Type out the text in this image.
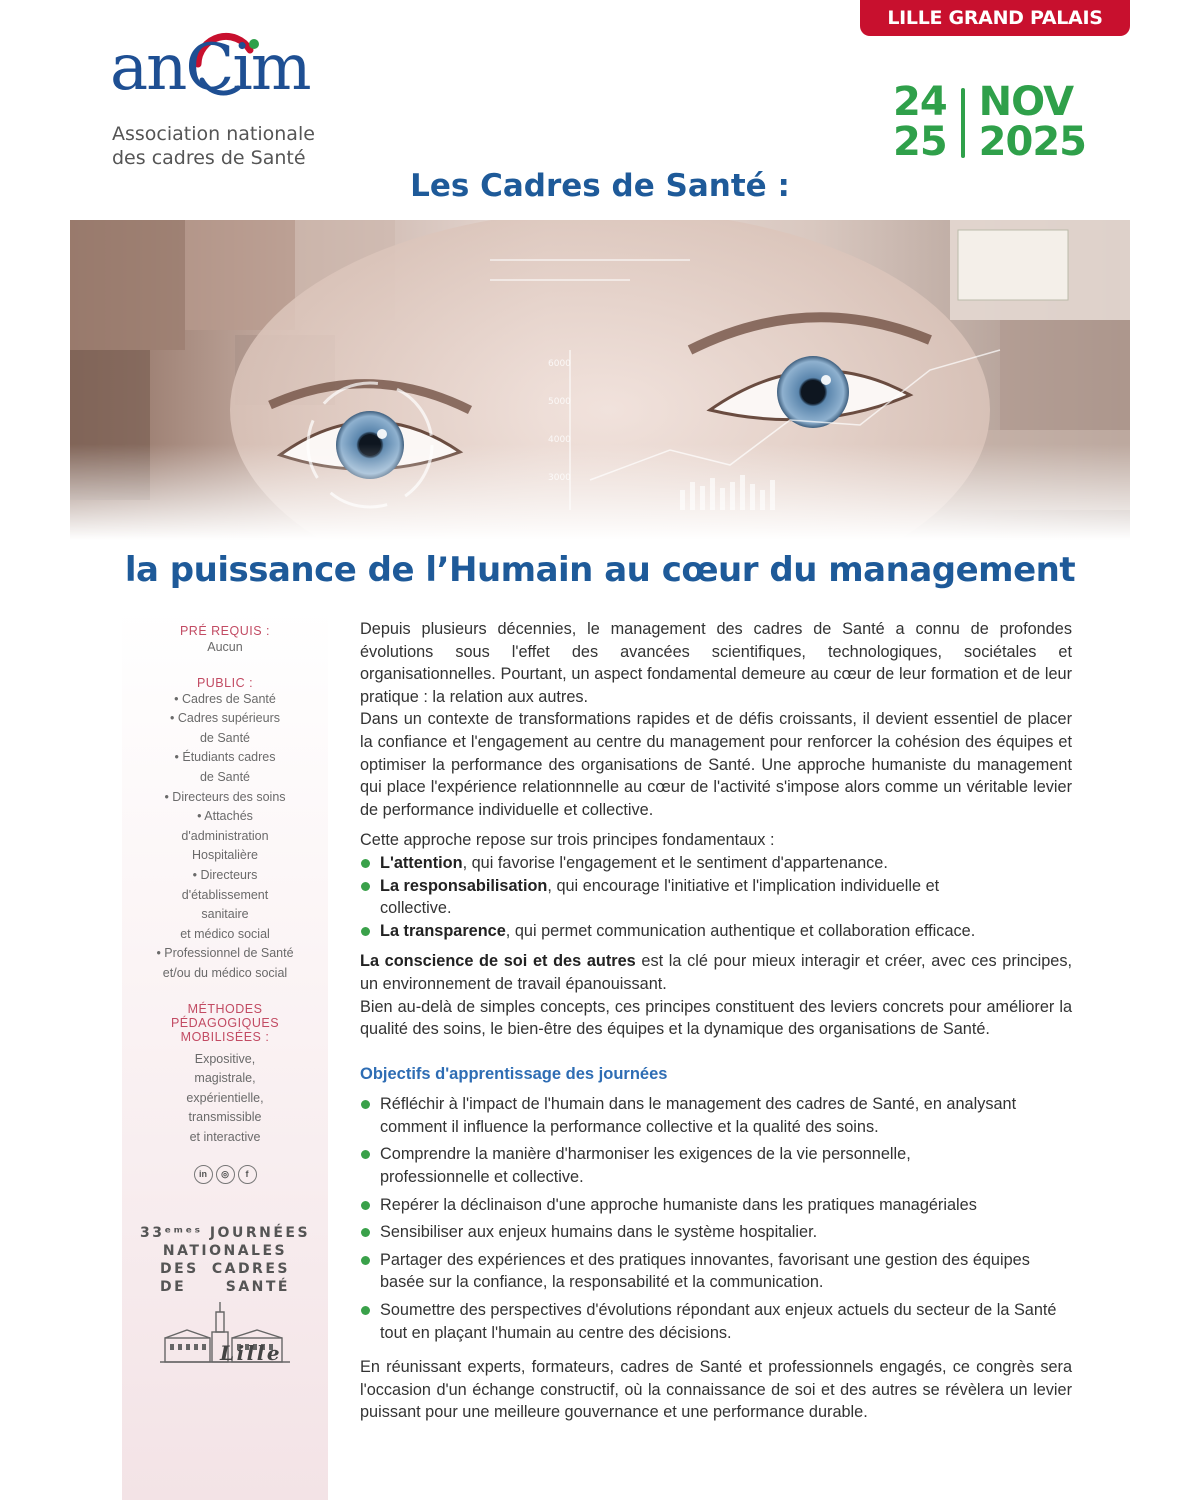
LILLE GRAND PALAIS
anCim
Association nationale
des cadres de Santé
24
25
NOV
2025
Les Cadres de Santé :
la puissance de l’Humain au cœur du management
PRÉ REQUIS :
Aucun
PUBLIC :
• Cadres de Santé
• Cadres supérieurs
de Santé
• Étudiants cadres
de Santé
• Directeurs des soins
• Attachés
d'administration
Hospitalière
• Directeurs
d'établissement
sanitaire
et médico social
• Professionnel de Santé
et/ou du médico social
MÉTHODES
PÉDAGOGIQUES
MOBILISÉES :
Expositive,
magistrale,
expérientielle,
transmissible
et interactive
in	◎	f
33ᵉᵐᵉˢ JOURNÉES
NATIONALES
DES CADRES
DE	SANTÉ
Lille

Depuis plusieurs décennies, le management des cadres de Santé a connu de profondes évolutions sous l'effet des avancées scientifiques, technologiques, sociétales et organisationnelles. Pourtant, un aspect fondamental demeure au cœur de leur formation et de leur pratique : la relation aux autres.

Dans un contexte de transformations rapides et de défis croissants, il devient essentiel de placer la confiance et l'engagement au centre du management pour renforcer la cohésion des équipes et optimiser la performance des organisations de Santé. Une approche humaniste du management qui place l'expérience relationnnelle au cœur de l'activité s'impose alors comme un véritable levier de performance individuelle et collective.

Cette approche repose sur trois principes fondamentaux :

L'attention, qui favorise l'engagement et le sentiment d'appartenance.
La responsabilisation, qui encourage l'initiative et l'implication individuelle et collective.
La transparence, qui permet communication authentique et collaboration efficace.

La conscience de soi et des autres est la clé pour mieux interagir et créer, avec ces principes, un environnement de travail épanouissant.

Bien au-delà de simples concepts, ces principes constituent des leviers concrets pour améliorer la qualité des soins, le bien-être des équipes et la dynamique des organisations de Santé.

Objectifs d'apprentissage des journées
Réfléchir à l'impact de l'humain dans le management des cadres de Santé, en analysant comment il influence la performance collective et la qualité des soins.
Comprendre la manière d'harmoniser les exigences de la vie personnelle, professionnelle et collective.
Repérer la déclinaison d'une approche humaniste dans les pratiques managériales
Sensibiliser aux enjeux humains dans le système hospitalier.
Partager des expériences et des pratiques innovantes, favorisant une gestion des équipes basée sur la confiance, la responsabilité et la communication.
Soumettre des perspectives d'évolutions répondant aux enjeux actuels du secteur de la Santé tout en plaçant l'humain au centre des décisions.

En réunissant experts, formateurs, cadres de Santé et professionnels engagés, ce congrès sera l'occasion d'un échange constructif, où la connaissance de soi et des autres se révèlera un levier puissant pour une meilleure gouvernance et une performance durable.
